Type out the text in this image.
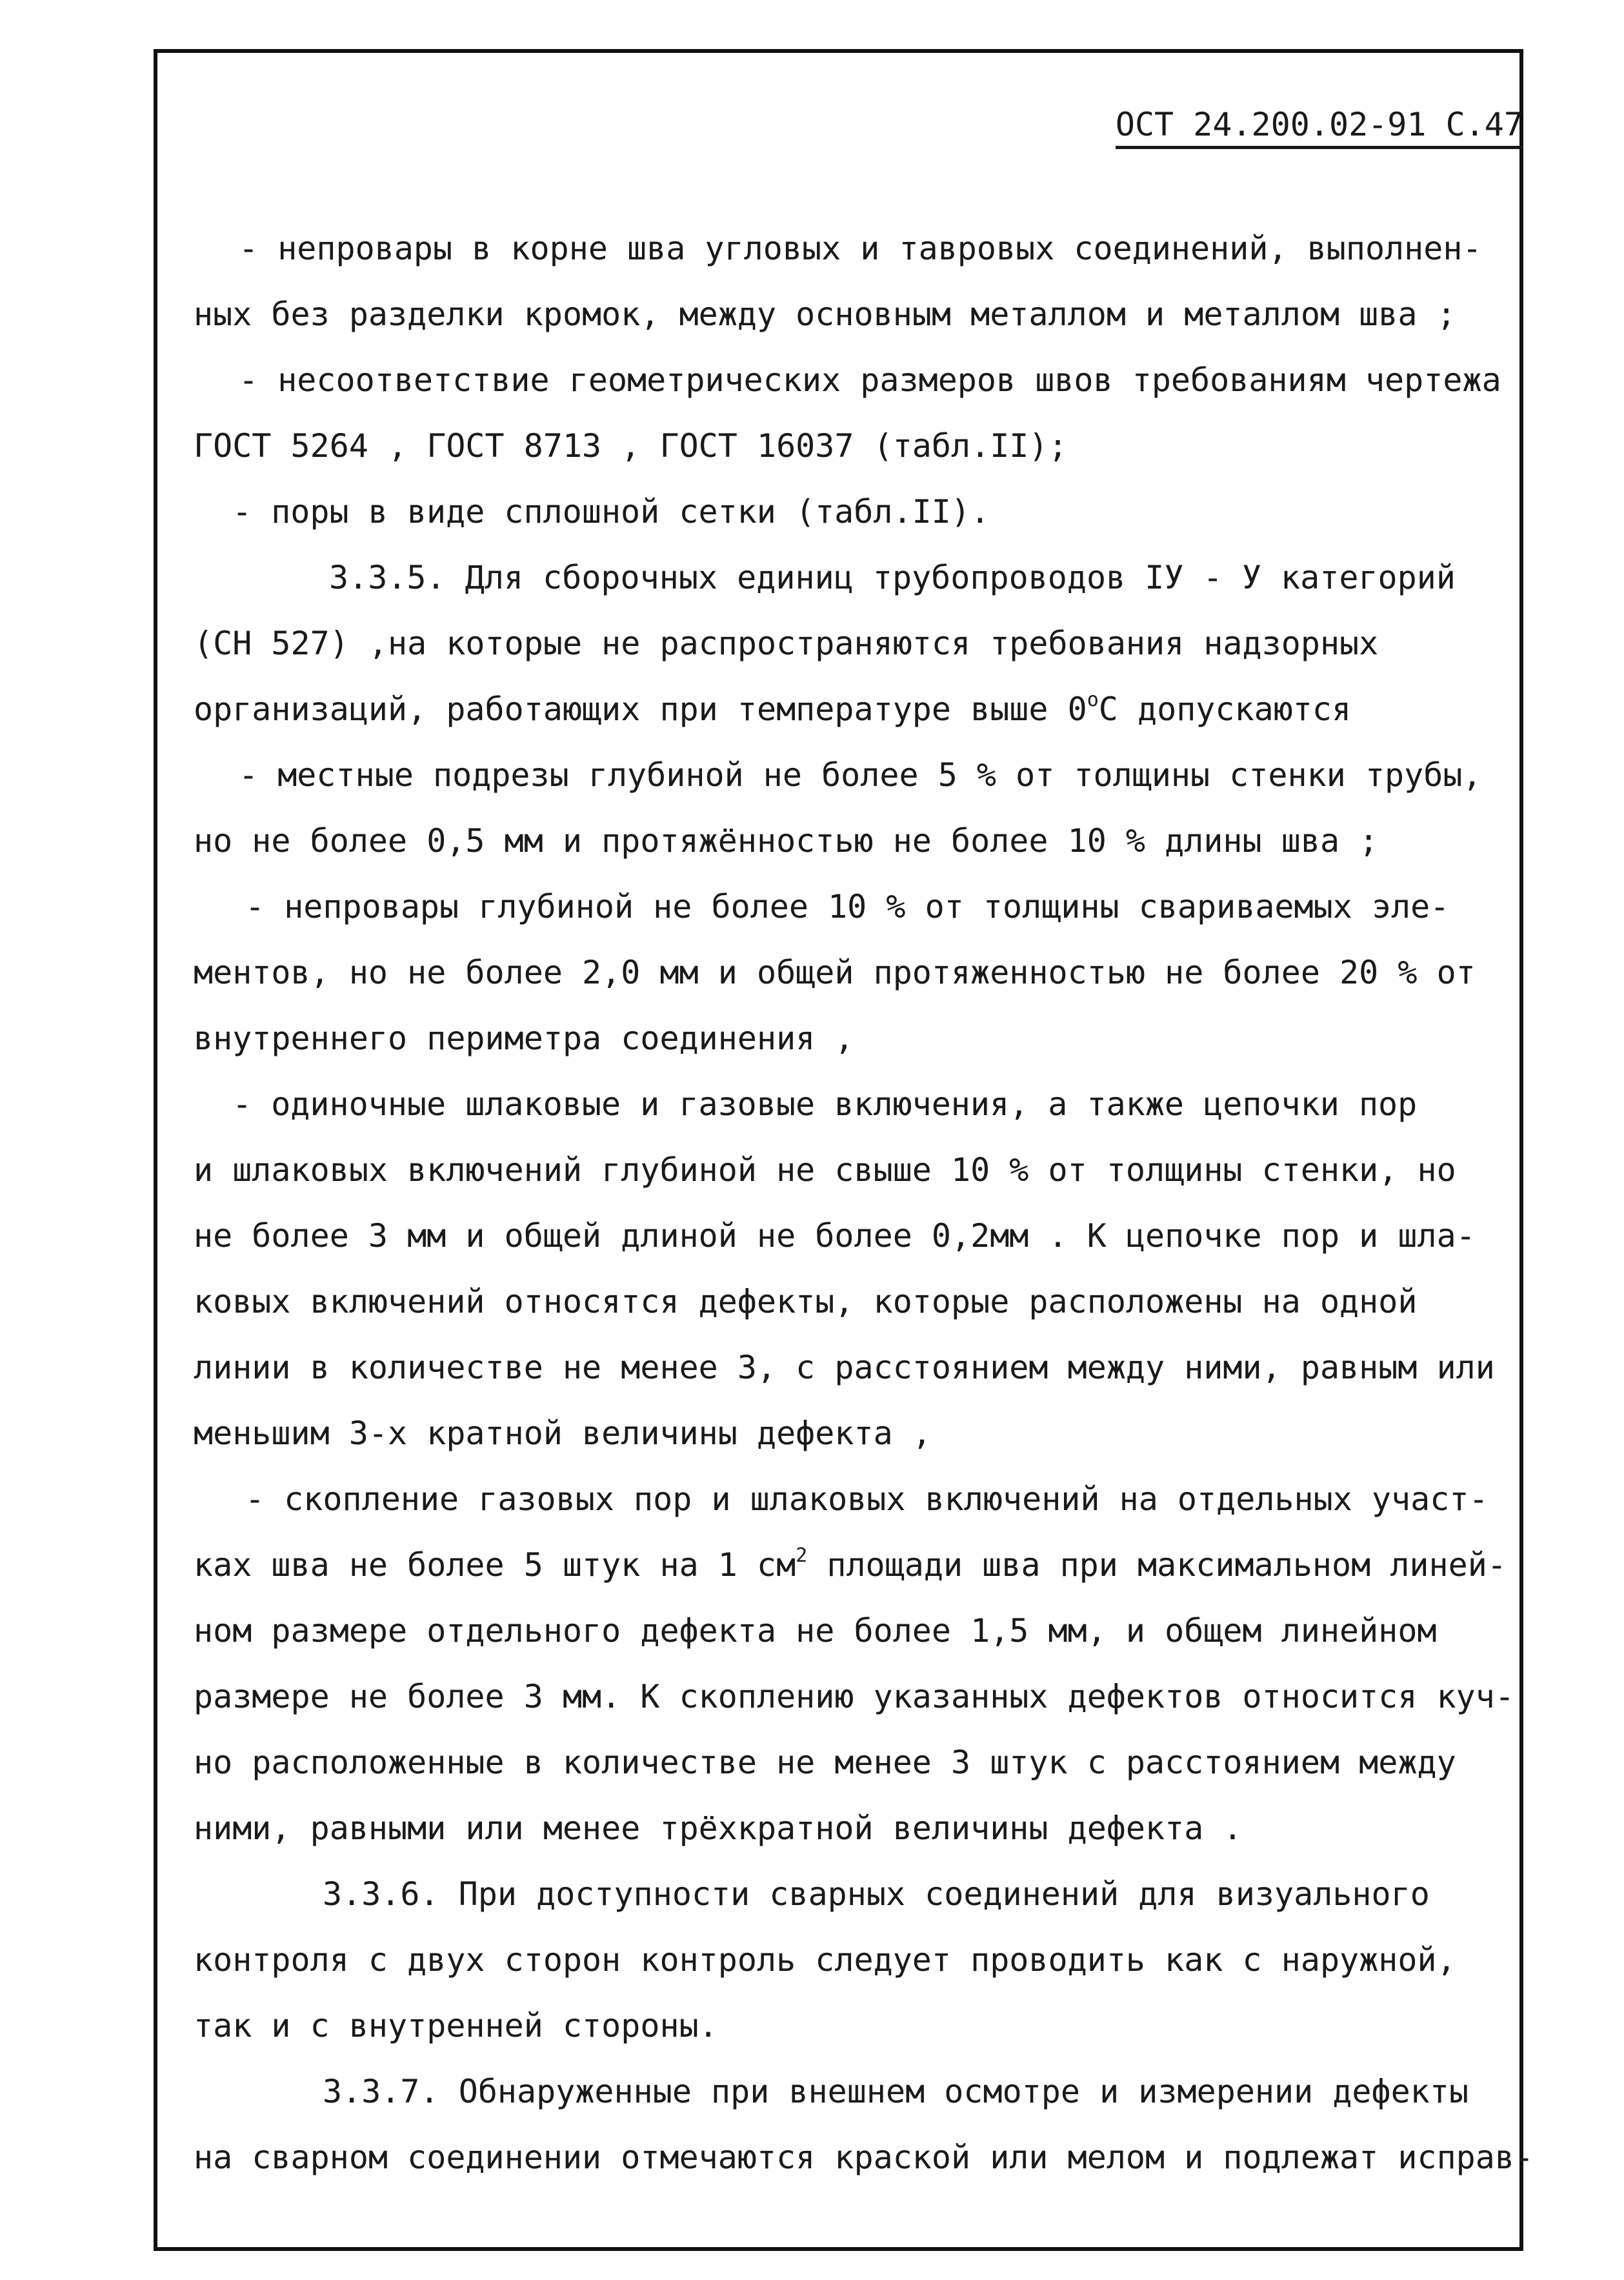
ОСТ 24.200.02-91 С.47
- непровары в корне шва угловых и тавровых соединений, выполнен-
ных без разделки кромок, между основным металлом и металлом шва ;
- несоответствие геометрических размеров швов требованиям чертежа
ГОСТ 5264 , ГОСТ 8713 , ГОСТ 16037 (табл.II);
- поры в виде сплошной сетки (табл.II).
3.3.5. Для сборочных единиц трубопроводов IУ - У категорий
(СН 527) ,на которые не распространяются требования надзорных
организаций, работающих при температуре выше $0^оС$ допускаются
- местные подрезы глубиной не более 5 % от толщины стенки трубы,
но не более 0,5 мм и протяжённостью не более 10 % длины шва ;
- непровары глубиной не более 10 % от толщины свариваемых эле-
ментов, но не более 2,0 мм и общей протяженностью не более 20 % от
внутреннего периметра соединения ,
- одиночные шлаковые и газовые включения, а также цепочки пор
и шлаковых включений глубиной не свыше 10 % от толщины стенки, но
не более 3 мм и общей длиной не более 0,2мм . К цепочке пор и шла-
ковых включений относятся дефекты, которые расположены на одной
линии в количестве не менее 3, с расстоянием между ними, равным или
меньшим 3-х кратной величины дефекта ,
- скопление газовых пор и шлаковых включений на отдельных участ-
ках шва не более 5 штук на 1 $см^2$ площади шва при максимальном линей-
ном размере отдельного дефекта не более 1,5 мм, и общем линейном
размере не более 3 мм. К скоплению указанных дефектов относится куч-
но расположенные в количестве не менее 3 штук с расстоянием между
ними, равными или менее трёхкратной величины дефекта .
3.3.6. При доступности сварных соединений для визуального
контроля с двух сторон контроль следует проводить как с наружной,
так и с внутренней стороны.
3.3.7. Обнаруженные при внешнем осмотре и измерении дефекты
на сварном соединении отмечаются краской или мелом и подлежат исправ-
